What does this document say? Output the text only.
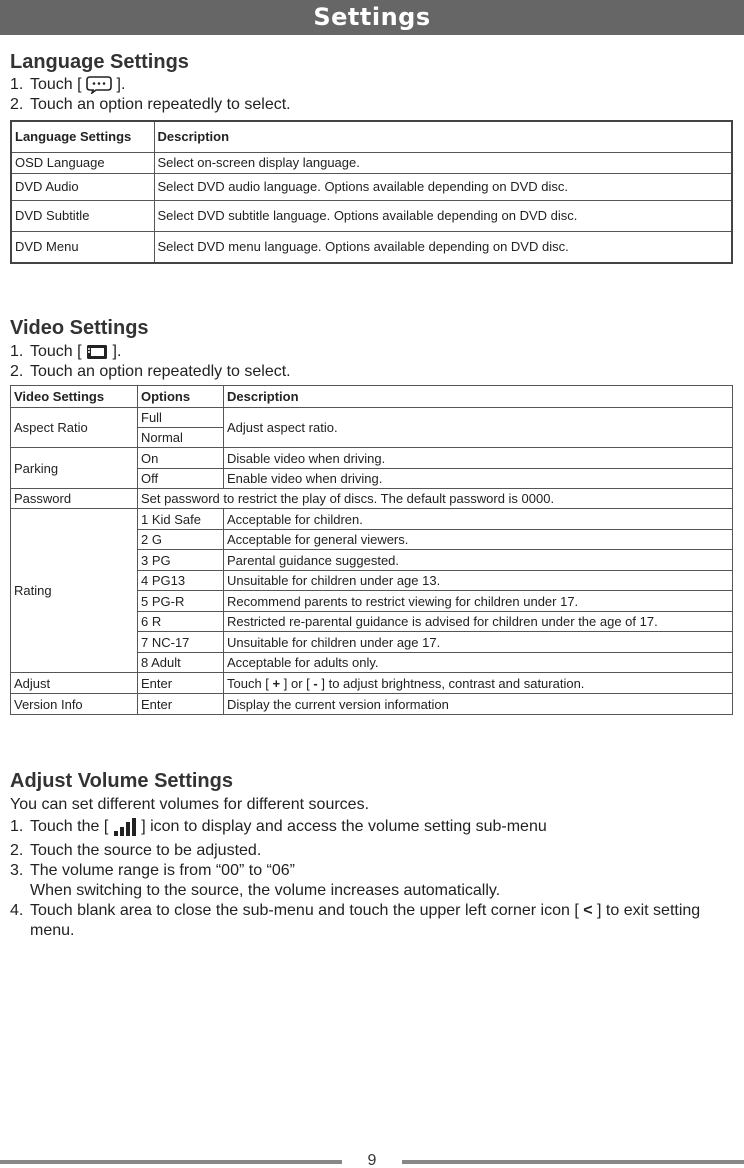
Settings
Language Settings
1. Touch [ ].
2. Touch an option repeatedly to select.
Language Settings	Description
OSD Language	Select on-screen display language.
DVD Audio	Select DVD audio language. Options available depending on DVD disc.
DVD Subtitle	Select DVD subtitle language. Options available depending on DVD disc.
DVD Menu	Select DVD menu language. Options available depending on DVD disc.
Video Settings
1. Touch [ ].
2. Touch an option repeatedly to select.
Video Settings	Options	Description
Aspect Ratio	Full	Adjust aspect ratio.
	Normal	
Parking	On	Disable video when driving.
	Off	Enable video when driving.
Password	Set password to restrict the play of discs. The default password is 0000.	
Rating	1 Kid Safe	Acceptable for children.
	2 G	Acceptable for general viewers.
	3 PG	Parental guidance suggested.
	4 PG13	Unsuitable for children under age 13.
	5 PG-R	Recommend parents to restrict viewing for children under 17.
	6 R	Restricted re-parental guidance is advised for children under the age of 17.
	7 NC-17	Unsuitable for children under age 17.
	8 Adult	Acceptable for adults only.
Adjust	Enter	Touch [ + ] or [ - ] to adjust brightness, contrast and saturation.
Version Info	Enter	Display the current version information
Adjust Volume Settings
You can set different volumes for different sources.
1. Touch the [ ] icon to display and access the volume setting sub-menu
2. Touch the source to be adjusted.
3. The volume range is from “00” to “06”
When switching to the source, the volume increases automatically.
4. Touch blank area to close the sub-menu and touch the upper left corner icon [ < ] to exit setting
menu.
9
